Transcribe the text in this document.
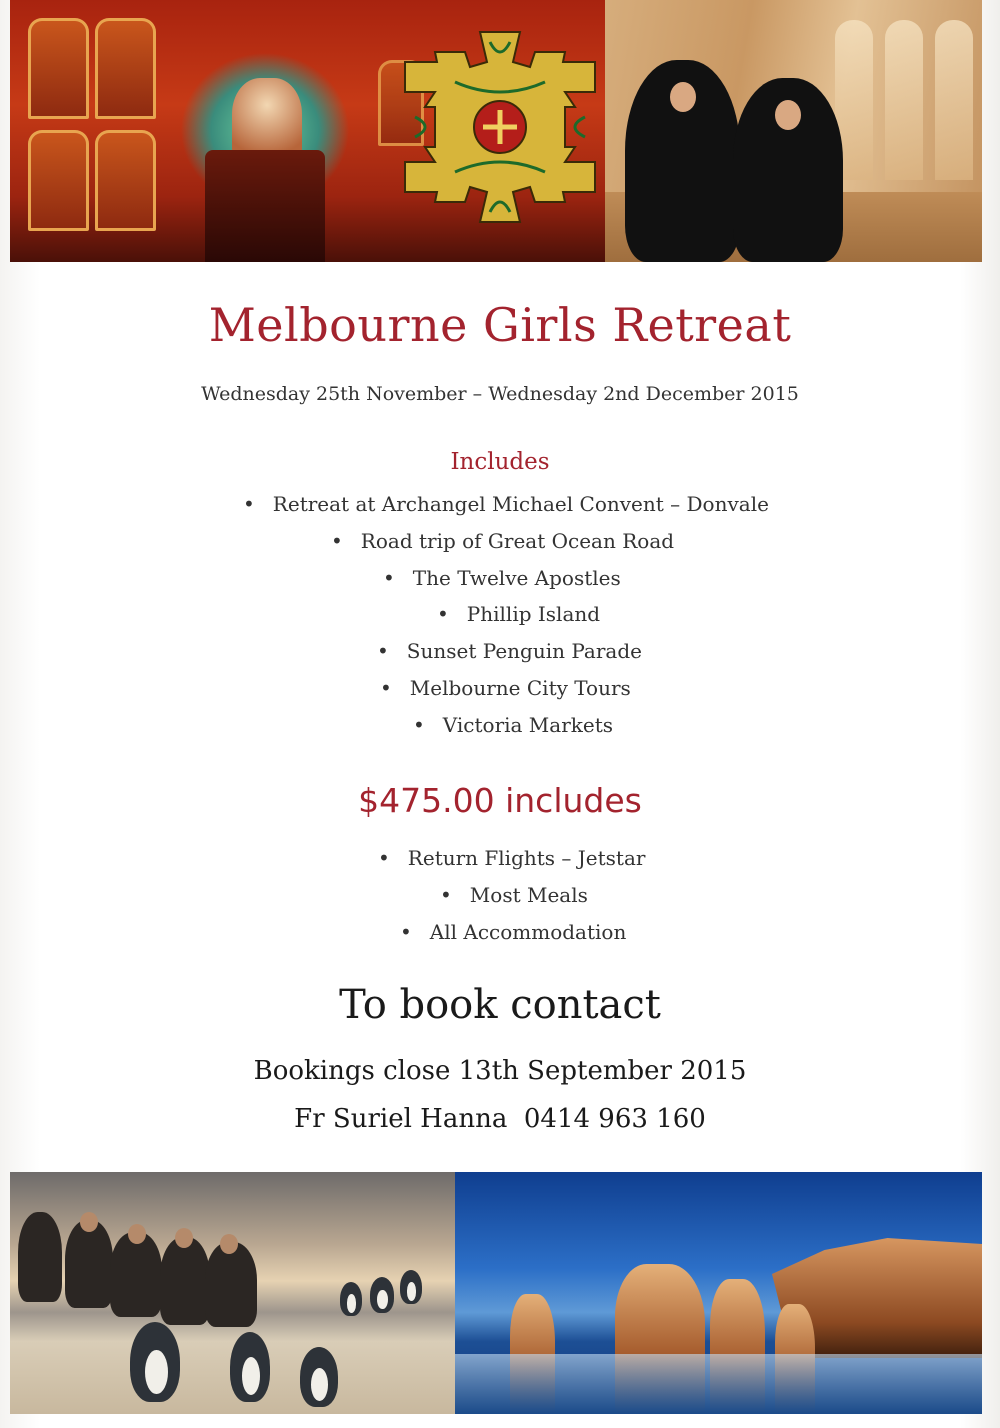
Melbourne Girls Retreat
Wednesday 25th November – Wednesday 2nd December 2015
Includes
• Retreat at Archangel Michael Convent – Donvale
• Road trip of Great Ocean Road
• The Twelve Apostles
• Phillip Island
• Sunset Penguin Parade
• Melbourne City Tours
• Victoria Markets
$475.00 includes
• Return Flights – Jetstar
• Most Meals
• All Accommodation
To book contact
Bookings close 13th September 2015
Fr Suriel Hanna  0414 963 160
